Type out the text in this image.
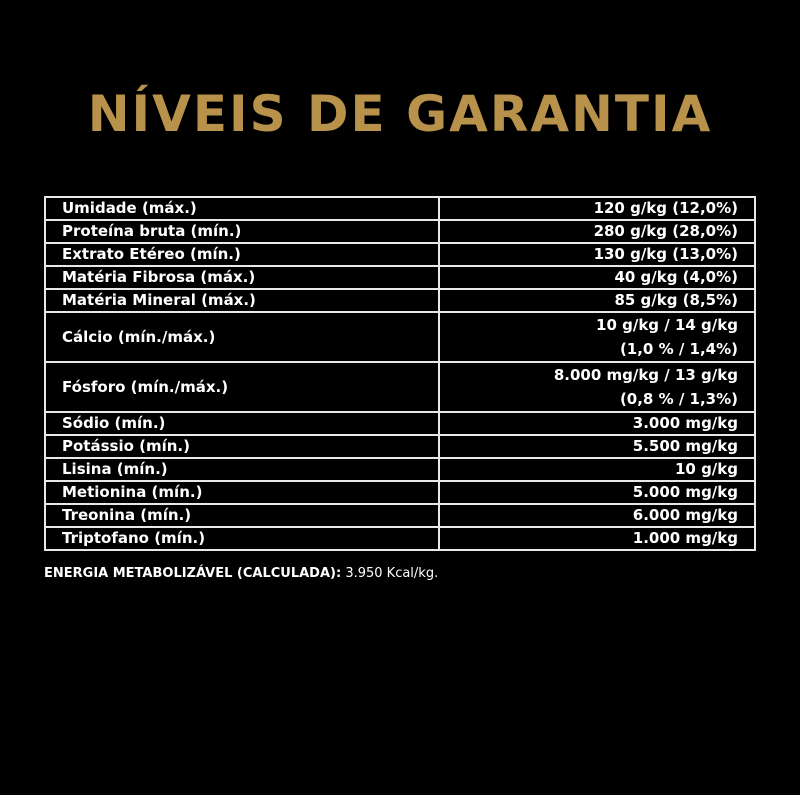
NÍVEIS DE GARANTIA
Umidade (máx.)	120 g/kg (12,0%)
Proteína bruta (mín.)	280 g/kg (28,0%)
Extrato Etéreo (mín.)	130 g/kg (13,0%)
Matéria Fibrosa (máx.)	40 g/kg (4,0%)
Matéria Mineral (máx.)	85 g/kg (8,5%)
Cálcio (mín./máx.)	10 g/kg / 14 g/kg
(1,0 % / 1,4%)

Fósforo (mín./máx.)	8.000 mg/kg / 13 g/kg
(0,8 % / 1,3%)

Sódio (mín.)	3.000 mg/kg
Potássio (mín.)	5.500 mg/kg
Lisina (mín.)	10 g/kg
Metionina (mín.)	5.000 mg/kg
Treonina (mín.)	6.000 mg/kg
Triptofano (mín.)	1.000 mg/kg
ENERGIA METABOLIZÁVEL (CALCULADA): 3.950 Kcal/kg.
